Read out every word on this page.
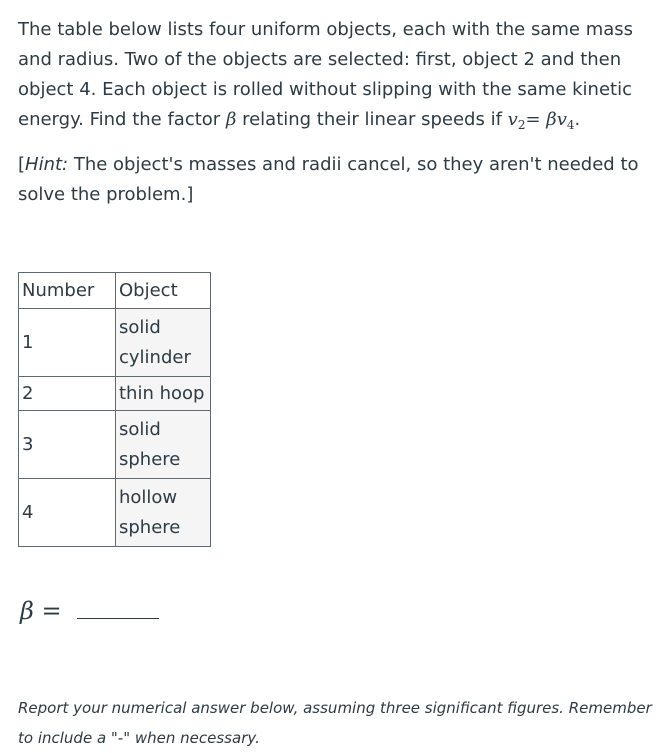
The table below lists four uniform objects, each with the same mass and radius. Two of the objects are selected: first, object 2 and then object 4. Each object is rolled without slipping with the same kinetic energy. Find the factor β relating their linear speeds if $v_2= \beta v_4$.

[Hint: The object's masses and radii cancel, so they aren't needed to solve the problem.]

Number	Object
1	solid
cylinder
2	thin hoop
3	solid
sphere
4	hollow
sphere
β =

Report your numerical answer below, assuming three significant figures. Remember to include a "-" when necessary.
